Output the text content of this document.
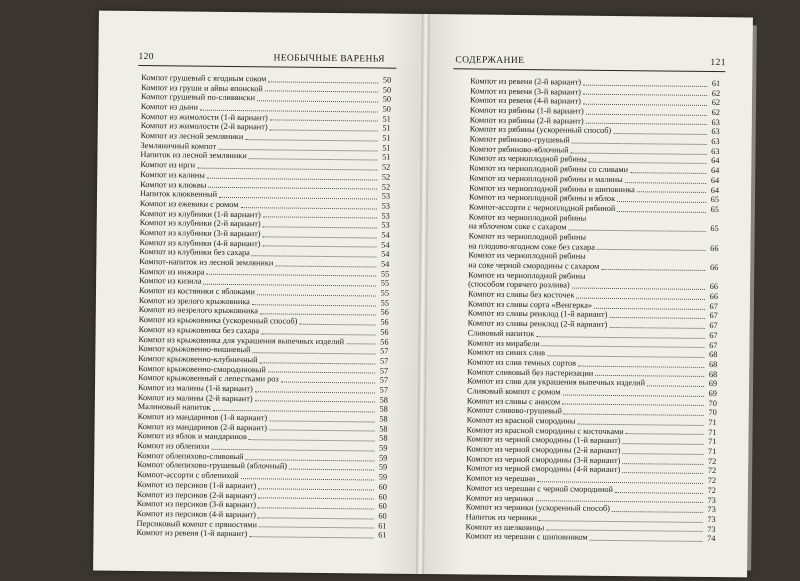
120	НЕОБЫЧНЫЕ ВАРЕНЬЯ
Компот грушевый с ягодным соком	50
Компот из груши и айвы японской	50
Компот грушевый по-сливянски	50
Компот из дыни	50
Компот из жимолости (1-й вариант)	51
Компот из жимолости (2-й вариант)	51
Компот из лесной земляники	51
Земляничный компот	51
Напиток из лесной земляники	51
Компот из ирги	52
Компот из калины	52
Компот из клюквы	52
Напиток клюквенный	53
Компот из ежевики с ромом	53
Компот из клубники (1-й вариант)	53
Компот из клубники (2-й вариант)	53
Компот из клубники (3-й вариант)	54
Компот из клубники (4-й вариант)	54
Компот из клубники без сахара	54
Компот-напиток из лесной земляники	54
Компот из инжира	55
Компот из кизила	55
Компот из костяники с яблоками	55
Компот из зрелого крыжовника	55
Компот из незрелого крыжовника	56
Компот из крыжовника (ускоренный способ)	56
Компот из крыжовника без сахара	56
Компот из крыжовника для украшения выпечных изделий	56
Компот крыжовенно-вишневый	57
Компот крыжовенно-клубничный	57
Компот крыжовенно-смородиновый	57
Компот крыжовенный с лепестками роз	57
Компот из малины (1-й вариант)	57
Компот из малины (2-й вариант)	58
Малиновый напиток	58
Компот из мандаринов (1-й вариант)	58
Компот из мандаринов (2-й вариант)	58
Компот из яблок и мандаринов	58
Компот из облепихи	59
Компот облепихово-сливовый	59
Компот облепихово-грушевый (яблочный)	59
Компот-ассорти с облепихой	59
Компот из персиков (1-й вариант)	60
Компот из персиков (2-й вариант)	60
Компот из персиков (3-й вариант)	60
Компот из персиков (4-й вариант)	60
Персиковый компот с пряностями	61
Компот из ревеня (1-й вариант)	61
СОДЕРЖАНИЕ	121
Компот из ревеня (2-й вариант)	61
Компот из ревеня (3-й вариант)	62
Компот из ревеня (4-й вариант)	62
Компот из рябины (1-й вариант)	62
Компот из рябины (2-й вариант)	63
Компот из рябины (ускоренный способ)	63
Компот рябиново-грушевый	63
Компот рябиново-яблочный	63
Компот из черноплодной рябины	64
Компот из черноплодной рябины со сливами	64
Компот из черноплодной рябины и малины	64
Компот из черноплодной рябины и шиповника	64
Компот из черноплодной рябины и яблок	65
Компот-ассорти с черноплодной рябиной	65
Компот из черноплодной рябины
на яблочном соке с сахаром	65
Компот из черноплодной рябины
на плодово-ягодном соке без сахара	66
Компот из черноплодной рябины
на соке черной смородины с сахаром	66
Компот из черноплодной рябины
(способом горячего розлива)	66
Компот из сливы без косточек	66
Компот из сливы сорта «Венгерка»	67
Компот из сливы ренклод (1-й вариант)	67
Компот из сливы ренклод (2-й вариант)	67
Сливовый напиток	67
Компот из мирабели	67
Компот из синих слив	68
Компот из слив темных сортов	68
Компот сливовый без пастеризации	68
Компот из слив для украшения выпечных изделий	69
Сливовый компот с ромом	69
Компот из сливы с анисом	70
Компот сливово-грушевый	70
Компот из красной смородины	71
Компот из красной смородины с косточками	71
Компот из черной смородины (1-й вариант)	71
Компот из черной смородины (2-й вариант)	71
Компот из черной смородины (3-й вариант)	72
Компот из черной смородины (4-й вариант)	72
Компот из черешни	72
Компот из черешни с черной смородиной	72
Компот из черники	73
Компот из черники (ускоренный способ)	73
Напиток из черники	73
Компот из шелковицы	73
Компот из черешни с шиповником	74
